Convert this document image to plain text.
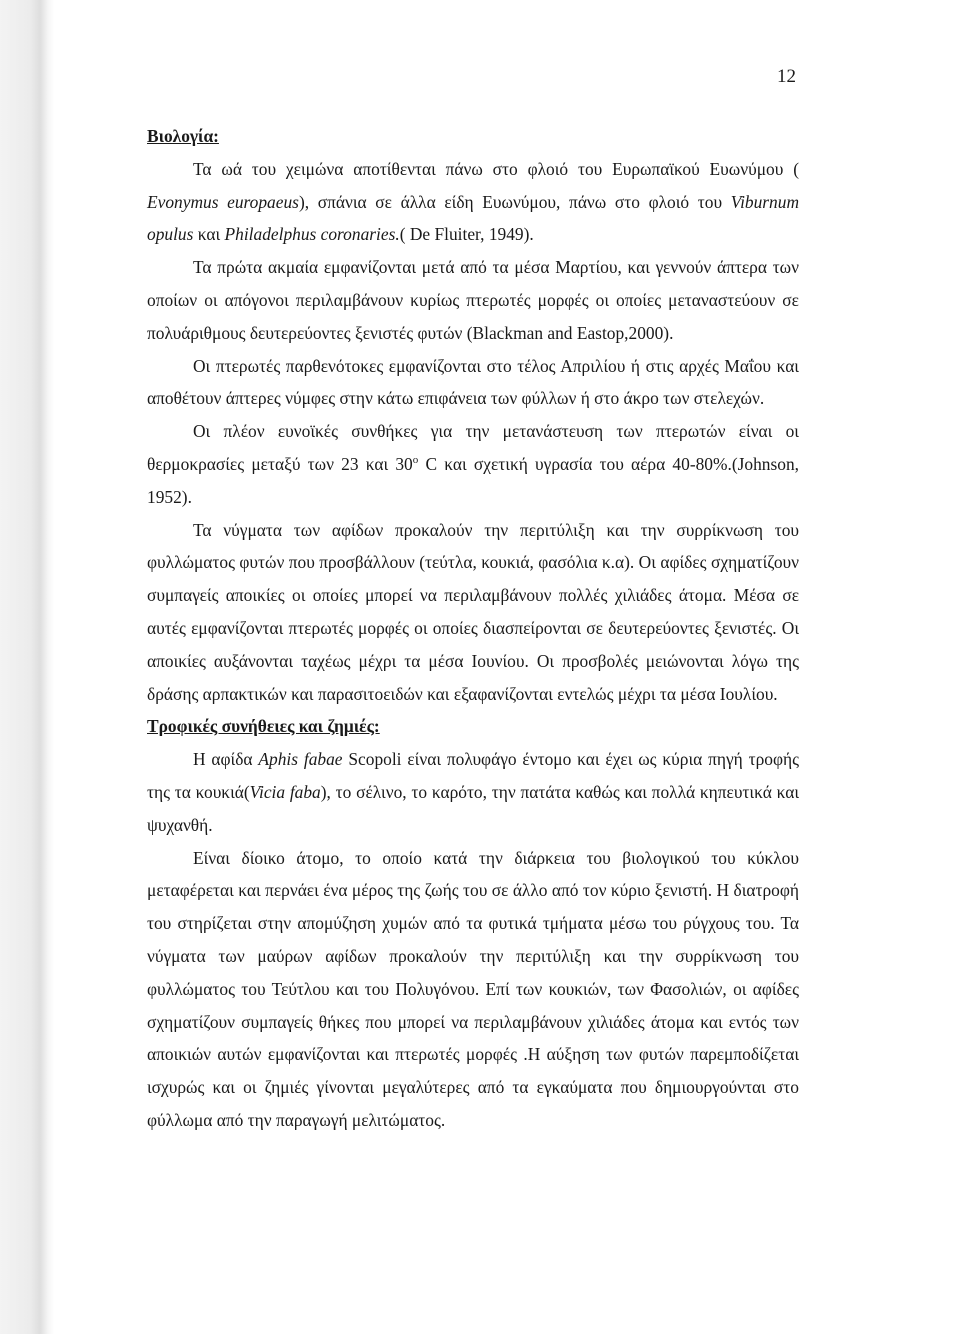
12

Βιολογία:

Τα ωά του χειμώνα αποτίθενται πάνω στο φλοιό του Ευρωπαϊκού Ευωνύμου ( Evonymus europaeus), σπάνια σε άλλα είδη Ευωνύμου, πάνω στο φλοιό του Viburnum opulus και Philadelphus coronaries.( De Fluiter, 1949).

Τα πρώτα ακμαία εμφανίζονται μετά από τα μέσα Μαρτίου, και γεννούν άπτερα των οποίων οι απόγονοι περιλαμβάνουν κυρίως πτερωτές μορφές οι οποίες μεταναστεύουν σε πολυάριθμους δευτερεύοντες ξενιστές φυτών (Blackman and Eastop,2000).

Οι πτερωτές παρθενότοκες εμφανίζονται στο τέλος Απριλίου ή στις αρχές Μαΐου και αποθέτουν άπτερες νύμφες στην κάτω επιφάνεια των φύλλων ή στο άκρο των στελεχών.

Οι πλέον ευνοϊκές συνθήκες για την μετανάστευση των πτερωτών είναι οι θερμοκρασίες μεταξύ των 23 και 30$^o$ C και σχετική υγρασία του αέρα 40-80%.(Johnson, 1952).

Τα νύγματα των αφίδων προκαλούν την περιτύλιξη και την συρρίκνωση του φυλλώματος φυτών που προσβάλλουν (τεύτλα, κουκιά, φασόλια κ.α). Οι αφίδες σχηματίζουν συμπαγείς αποικίες οι οποίες μπορεί να περιλαμβάνουν πολλές χιλιάδες άτομα. Μέσα σε αυτές εμφανίζονται πτερωτές μορφές οι οποίες διασπείρονται σε δευτερεύοντες ξενιστές. Οι αποικίες αυξάνονται ταχέως μέχρι τα μέσα Ιουνίου. Οι προσβολές μειώνονται λόγω της δράσης αρπακτικών και παρασιτοειδών και εξαφανίζονται εντελώς μέχρι τα μέσα Ιουλίου.

Τροφικές συνήθειες και ζημιές:

Η αφίδα Aphis fabae Scopoli είναι πολυφάγο έντομο και έχει ως κύρια πηγή τροφής της τα κουκιά(Vicia faba), το σέλινο, το καρότο, την πατάτα καθώς και πολλά κηπευτικά και ψυχανθή.

Είναι δίοικο άτομο, το οποίο κατά την διάρκεια του βιολογικού του κύκλου μεταφέρεται και περνάει ένα μέρος της ζωής του σε άλλο από τον κύριο ξενιστή. Η διατροφή του στηρίζεται στην απομύζηση χυμών από τα φυτικά τμήματα μέσω του ρύγχους του. Τα νύγματα των μαύρων αφίδων προκαλούν την περιτύλιξη και την συρρίκνωση του φυλλώματος του Τεύτλου και του Πολυγόνου. Επί των κουκιών, των Φασολιών, οι αφίδες σχηματίζουν συμπαγείς θήκες που μπορεί να περιλαμβάνουν χιλιάδες άτομα και εντός των αποικιών αυτών εμφανίζονται και πτερωτές μορφές .Η αύξηση των φυτών παρεμποδίζεται ισχυρώς και οι ζημιές γίνονται μεγαλύτερες από τα εγκαύματα που δημιουργούνται στο φύλλωμα από την παραγωγή μελιτώματος.
